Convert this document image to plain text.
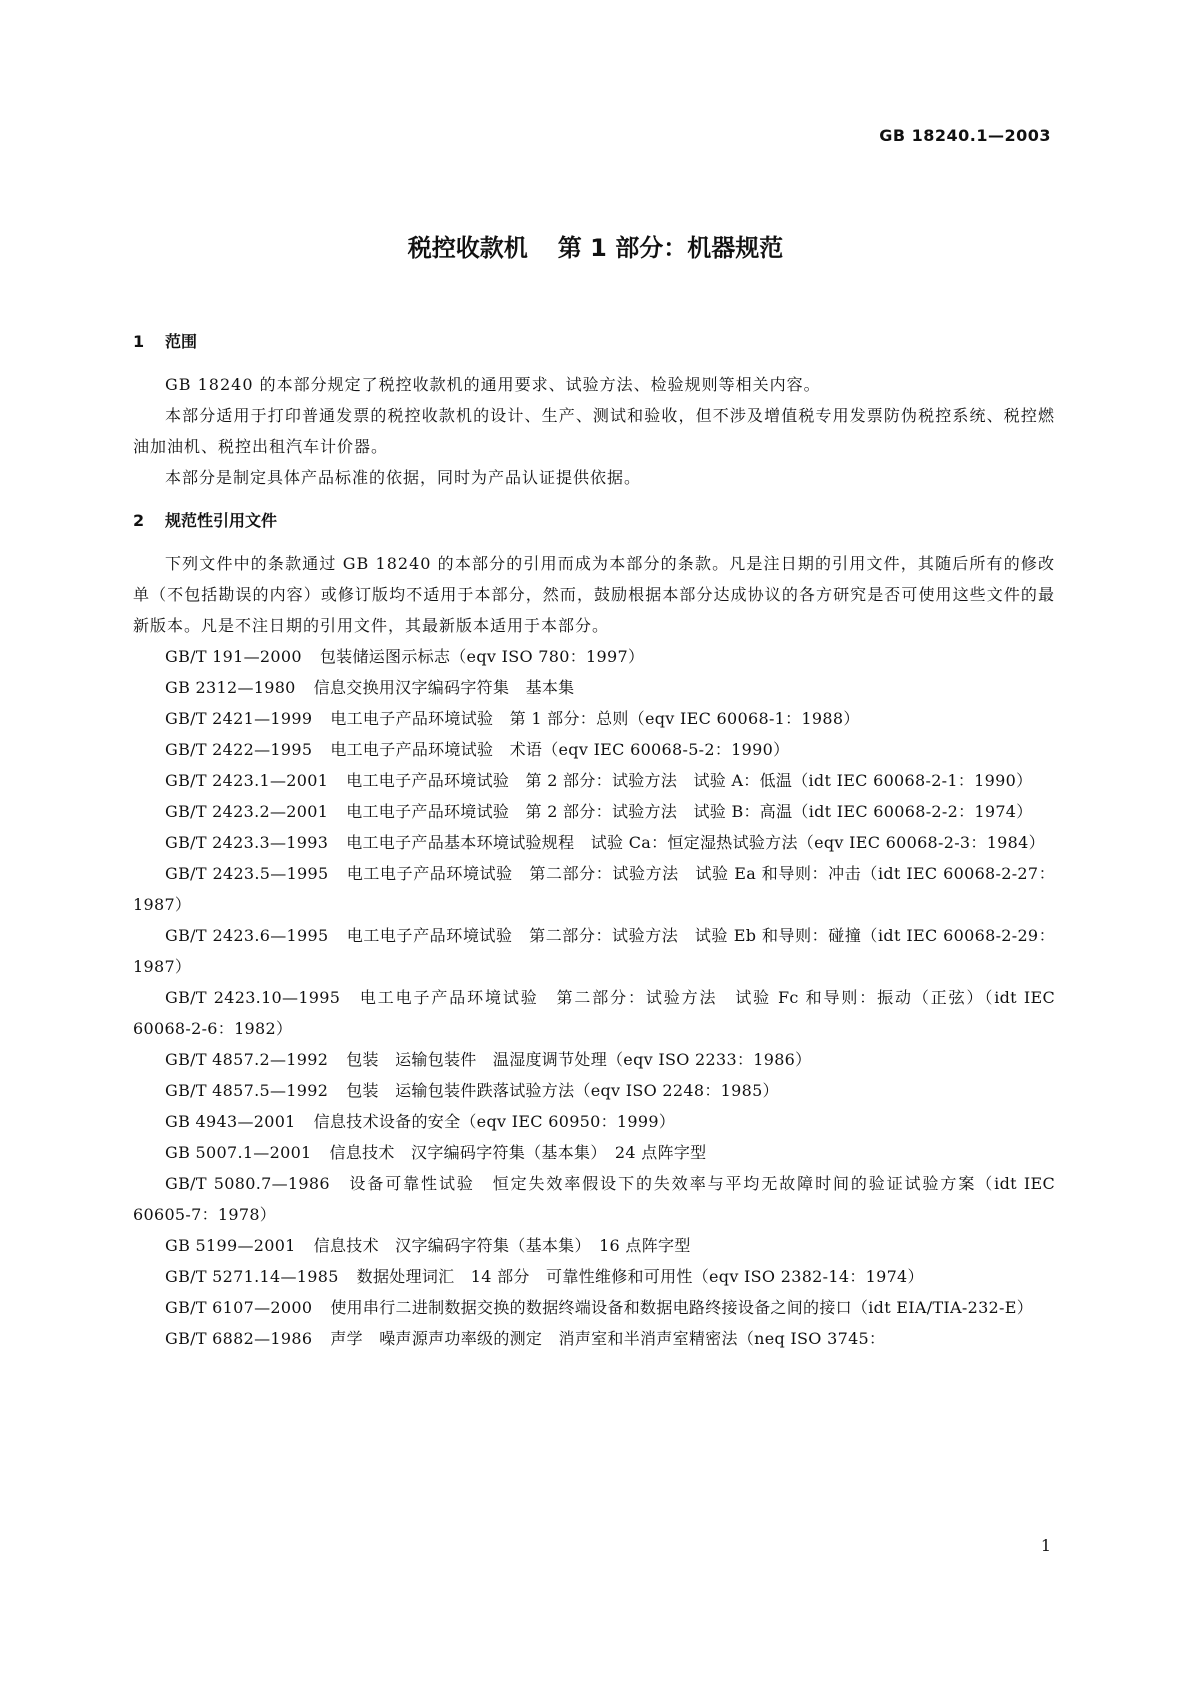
GB 18240.1—2003
税控收款机 第 1 部分：机器规范
1 范围

GB 18240 的本部分规定了税控收款机的通用要求、试验方法、检验规则等相关内容。

本部分适用于打印普通发票的税控收款机的设计、生产、测试和验收，但不涉及增值税专用发票防伪税控系统、税控燃油加油机、税控出租汽车计价器。

本部分是制定具体产品标准的依据，同时为产品认证提供依据。

2 规范性引用文件

下列文件中的条款通过 GB 18240 的本部分的引用而成为本部分的条款。凡是注日期的引用文件，其随后所有的修改单（不包括勘误的内容）或修订版均不适用于本部分，然而，鼓励根据本部分达成协议的各方研究是否可使用这些文件的最新版本。凡是不注日期的引用文件，其最新版本适用于本部分。

GB/T 191—2000 包装储运图示标志（eqv ISO 780：1997）

GB 2312—1980 信息交换用汉字编码字符集　基本集

GB/T 2421—1999 电工电子产品环境试验　第 1 部分：总则（eqv IEC 60068-1：1988）

GB/T 2422—1995 电工电子产品环境试验　术语（eqv IEC 60068-5-2：1990）

GB/T 2423.1—2001 电工电子产品环境试验　第 2 部分：试验方法　试验 A：低温（idt IEC 60068-2-1：1990）

GB/T 2423.2—2001 电工电子产品环境试验　第 2 部分：试验方法　试验 B：高温（idt IEC 60068-2-2：1974）

GB/T 2423.3—1993 电工电子产品基本环境试验规程　试验 Ca：恒定湿热试验方法（eqv IEC 60068-2-3：1984）

GB/T 2423.5—1995 电工电子产品环境试验　第二部分：试验方法　试验 Ea 和导则：冲击（idt IEC 60068-2-27：1987）

GB/T 2423.6—1995 电工电子产品环境试验　第二部分：试验方法　试验 Eb 和导则：碰撞（idt IEC 60068-2-29：1987）

GB/T 2423.10—1995 电工电子产品环境试验　第二部分：试验方法　试验 Fc 和导则：振动（正弦）（idt IEC 60068-2-6：1982）

GB/T 4857.2—1992 包装　运输包装件　温湿度调节处理（eqv ISO 2233：1986）

GB/T 4857.5—1992 包装　运输包装件跌落试验方法（eqv ISO 2248：1985）

GB 4943—2001 信息技术设备的安全（eqv IEC 60950：1999）

GB 5007.1—2001 信息技术　汉字编码字符集（基本集）　24 点阵字型

GB/T 5080.7—1986 设备可靠性试验　恒定失效率假设下的失效率与平均无故障时间的验证试验方案（idt IEC 60605-7：1978）

GB 5199—2001 信息技术　汉字编码字符集（基本集）　16 点阵字型

GB/T 5271.14—1985 数据处理词汇　14 部分　可靠性维修和可用性（eqv ISO 2382-14：1974）

GB/T 6107—2000 使用串行二进制数据交换的数据终端设备和数据电路终接设备之间的接口（idt EIA/TIA-232-E）

GB/T 6882—1986 声学　噪声源声功率级的测定　消声室和半消声室精密法（neq ISO 3745：

1
